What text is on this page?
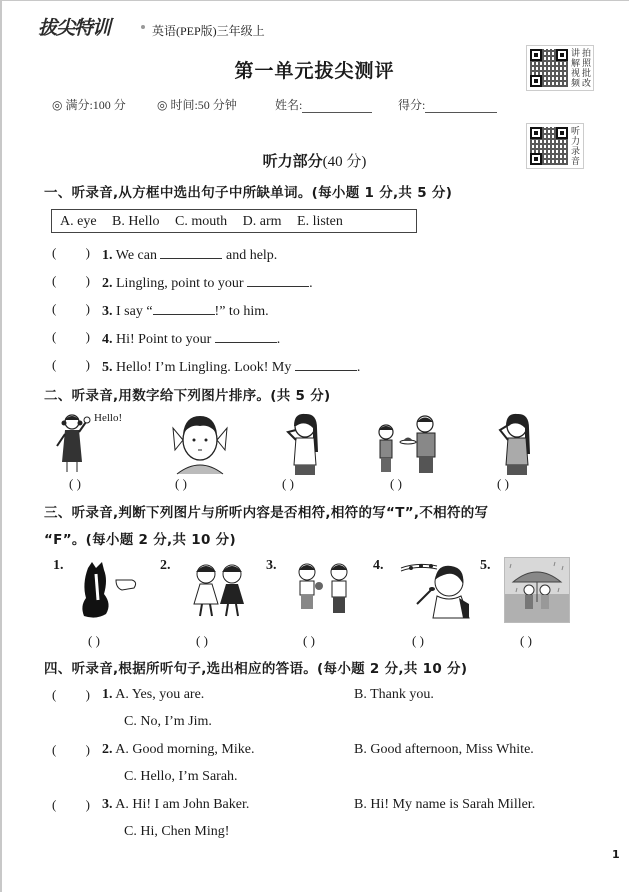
拔尖特训	英语(PEP版)三年级上
第一单元拔尖测评
◎ 满分:100 分	◎ 时间:50 分钟	姓名:	得分:
讲解视频
拍照批改
听力录音
听力部分(40 分)
一、听录音,从方框中选出句子中所缺单词。(每小题 1 分,共 5 分)
A. eye B. Hello C. mouth D. arm E. listen
(         ) 1. We can	and help.
(         ) 2. Lingling, point to your	.
(         ) 3. I say “	!” to him.
(         ) 4. Hi! Point to your	.
(         ) 5. Hello! I’m Lingling. Look! My	.
二、听录音,用数字给下列图片排序。(共 5 分)
Hello!
( )	( )	( )	( )	( )
三、听录音,判断下列图片与所听内容是否相符,相符的写“T”,不相符的写
“F”。(每小题 2 分,共 10 分)
1.	2.	3.	4.	5.
( )	( )	( )	( )	( )
四、听录音,根据所听句子,选出相应的答语。(每小题 2 分,共 10 分)
(         ) 1. A. Yes, you are.	B. Thank you.
C. No, I’m Jim.
(         ) 2. A. Good morning, Mike.	B. Good afternoon, Miss White.
C. Hello, I’m Sarah.
(         ) 3. A. Hi! I am John Baker.	B. Hi! My name is Sarah Miller.
C. Hi, Chen Ming!
1
